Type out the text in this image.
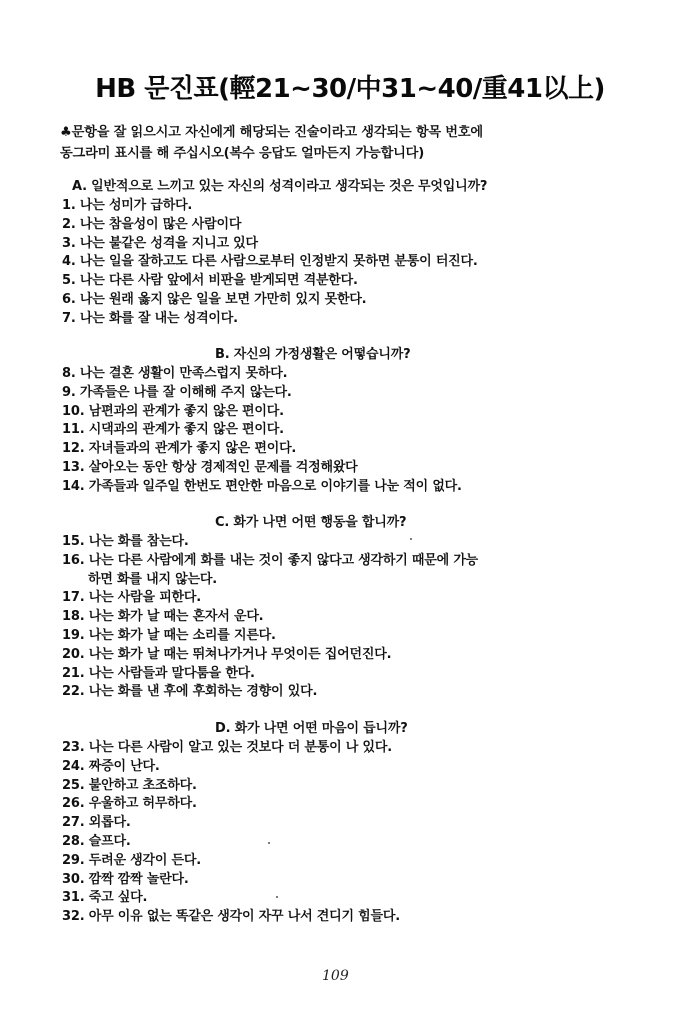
HB 문진표(輕21~30/中31~40/重41以上)
♣문항을 잘 읽으시고 자신에게 해당되는 진술이라고 생각되는 항목 번호에
동그라미 표시를 해 주십시오(복수 응답도 얼마든지 가능합니다)
A. 일반적으로 느끼고 있는 자신의 성격이라고 생각되는 것은 무엇입니까?
1. 나는 성미가 급하다.
2. 나는 참을성이 많은 사람이다
3. 나는 불같은 성격을 지니고 있다
4. 나는 일을 잘하고도 다른 사람으로부터 인정받지 못하면 분통이 터진다.
5. 나는 다른 사람 앞에서 비판을 받게되면 격분한다.
6. 나는 원래 옳지 않은 일을 보면 가만히 있지 못한다.
7. 나는 화를 잘 내는 성격이다.
B. 자신의 가정생활은 어떻습니까?
8. 나는 결혼 생활이 만족스럽지 못하다.
9. 가족들은 나를 잘 이해해 주지 않는다.
10. 남편과의 관계가 좋지 않은 편이다.
11. 시댁과의 관계가 좋지 않은 편이다.
12. 자녀들과의 관계가 좋지 않은 편이다.
13. 살아오는 동안 항상 경제적인 문제를 걱정해왔다
14. 가족들과 일주일 한번도 편안한 마음으로 이야기를 나눈 적이 없다.
C. 화가 나면 어떤 행동을 합니까?
15. 나는 화를 참는다.
16. 나는 다른 사람에게 화를 내는 것이 좋지 않다고 생각하기 때문에 가능
하면 화를 내지 않는다.
17. 나는 사람을 피한다.
18. 나는 화가 날 때는 혼자서 운다.
19. 나는 화가 날 때는 소리를 지른다.
20. 나는 화가 날 때는 뛰쳐나가거나 무엇이든 집어던진다.
21. 나는 사람들과 말다툼을 한다.
22. 나는 화를 낸 후에 후회하는 경향이 있다.
D. 화가 나면 어떤 마음이 듭니까?
23. 나는 다른 사람이 알고 있는 것보다 더 분통이 나 있다.
24. 짜증이 난다.
25. 불안하고 초조하다.
26. 우울하고 허무하다.
27. 외롭다.
28. 슬프다.
29. 두려운 생각이 든다.
30. 깜짝 깜짝 놀란다.
31. 죽고 싶다.
32. 아무 이유 없는 똑같은 생각이 자꾸 나서 견디기 힘들다.
109
